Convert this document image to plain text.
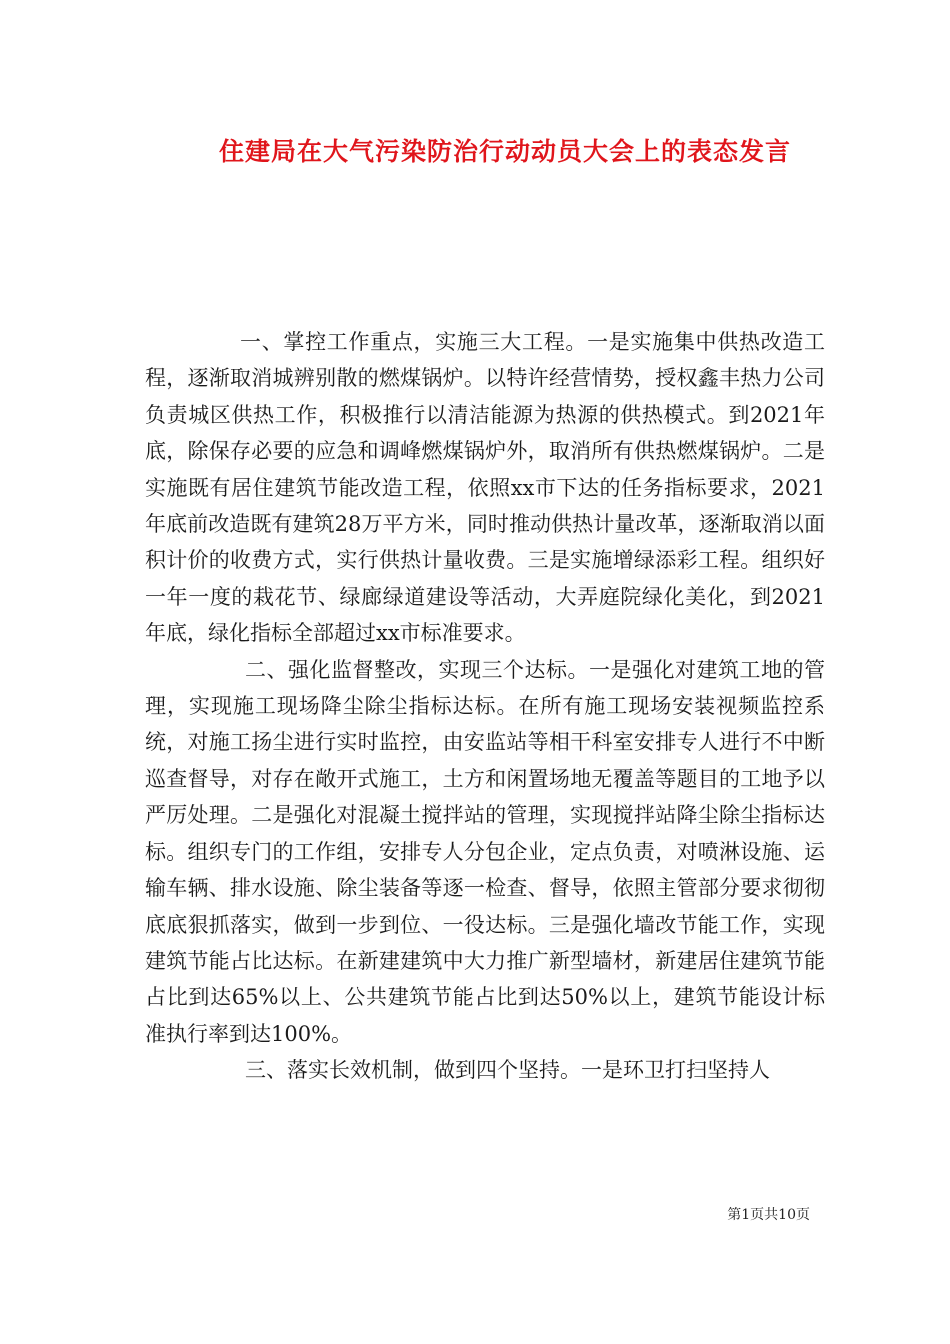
住建局在大气污染防治行动动员大会上的表态发言

一、掌控工作重点，实施三大工程。一是实施集中供热改造工程，逐渐取消城辨别散的燃煤锅炉。以特许经营情势，授权鑫丰热力公司负责城区供热工作，积极推行以清洁能源为热源的供热模式。到2021年底，除保存必要的应急和调峰燃煤锅炉外，取消所有供热燃煤锅炉。二是实施既有居住建筑节能改造工程，依照xx市下达的任务指标要求，2021年底前改造既有建筑28万平方米，同时推动供热计量改革，逐渐取消以面积计价的收费方式，实行供热计量收费。三是实施增绿添彩工程。组织好一年一度的栽花节、绿廊绿道建设等活动，大弄庭院绿化美化，到2021年底，绿化指标全部超过xx市标准要求。

二、强化监督整改，实现三个达标。一是强化对建筑工地的管理，实现施工现场降尘除尘指标达标。在所有施工现场安装视频监控系统，对施工扬尘进行实时监控，由安监站等相干科室安排专人进行不中断巡查督导，对存在敞开式施工，土方和闲置场地无覆盖等题目的工地予以严厉处理。二是强化对混凝土搅拌站的管理，实现搅拌站降尘除尘指标达标。组织专门的工作组，安排专人分包企业，定点负责，对喷淋设施、运输车辆、排水设施、除尘装备等逐一检查、督导，依照主管部分要求彻彻底底狠抓落实，做到一步到位、一役达标。三是强化墙改节能工作，实现建筑节能占比达标。在新建建筑中大力推广新型墙材，新建居住建筑节能占比到达65%以上、公共建筑节能占比到达50%以上，建筑节能设计标准执行率到达100%。

三、落实长效机制，做到四个坚持。一是环卫打扫坚持人

第1页共10页
